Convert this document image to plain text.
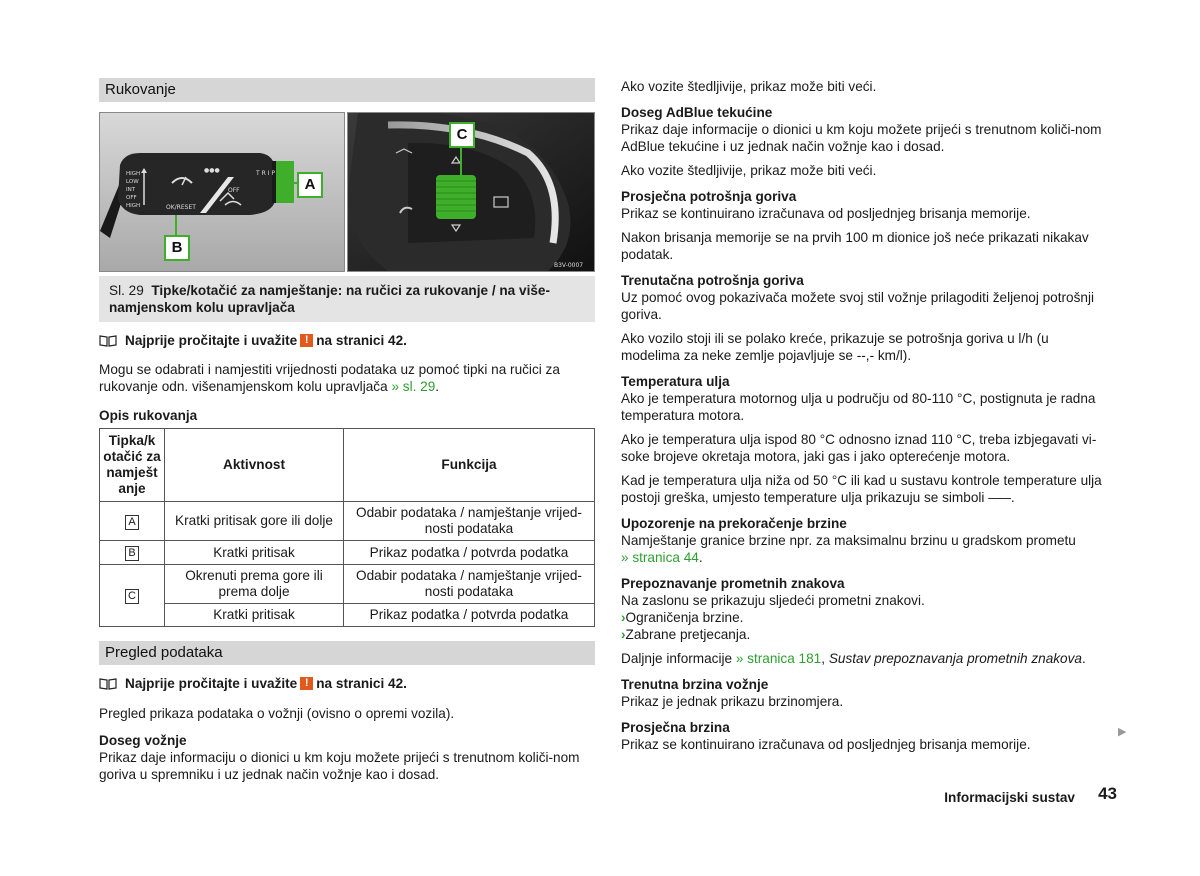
Rukovanje
HIGH
LOW
INT
OFF
HIGH
●●●
OFF
T R I P
OK/RESET
A
B
B3V-0007
C
Sl. 29 Tipke/kotačić za namještanje: na ručici za rukovanje / na više-namjenskom kolu upravljača
Najprije pročitajte i uvažite ! na stranici 42.

Mogu se odabrati i namjestiti vrijednosti podataka uz pomoć tipki na ručici za rukovanje odn. višenamjenskom kolu upravljača » sl. 29.

Opis rukovanja

Tipka/k otačić za namješt anje	Aktivnost	Funkcija
A	Kratki pritisak gore ili dolje	Odabir podataka / namještanje vrijed-nosti podataka
B	Kratki pritisak	Prikaz podatka / potvrda podatka
C	Okrenuti prema gore ili prema dolje	Odabir podataka / namještanje vrijed-nosti podataka
	Kratki pritisak	Prikaz podatka / potvrda podatka
Pregled podataka
Najprije pročitajte i uvažite ! na stranici 42.

Pregled prikaza podataka o vožnji (ovisno o opremi vozila).

Doseg vožnje

Prikaz daje informaciju o dionici u km koju možete prijeći s trenutnom količi-nom goriva u spremniku i uz jednak način vožnje kao i dosad.

Ako vozite štedljivije, prikaz može biti veći.

Doseg AdBlue tekućine

Prikaz daje informacije o dionici u km koju možete prijeći s trenutnom količi-nom AdBlue tekućine i uz jednak način vožnje kao i dosad.

Ako vozite štedljivije, prikaz može biti veći.

Prosječna potrošnja goriva

Prikaz se kontinuirano izračunava od posljednjeg brisanja memorije.

Nakon brisanja memorije se na prvih 100 m dionice još neće prikazati nikakav podatak.

Trenutačna potrošnja goriva

Uz pomoć ovog pokazivača možete svoj stil vožnje prilagoditi željenoj potrošnji goriva.

Ako vozilo stoji ili se polako kreće, prikazuje se potrošnja goriva u l/h (u modelima za neke zemlje pojavljuje se --,- km/l).

Temperatura ulja

Ako je temperatura motornog ulja u području od 80-110 °C, postignuta je radna temperatura motora.

Ako je temperatura ulja ispod 80 °C odnosno iznad 110 °C, treba izbjegavati vi-soke brojeve okretaja motora, jaki gas i jako opterećenje motora.

Kad je temperatura ulja niža od 50 °C ili kad u sustavu kontrole temperature ulja postoji greška, umjesto temperature ulja prikazuju se simboli –––.

Upozorenje na prekoračenje brzine

Namještanje granice brzine npr. za maksimalnu brzinu u gradskom prometu

» stranica 44.

Prepoznavanje prometnih znakova

Na zaslonu se prikazuju sljedeći prometni znakovi.

›Ograničenja brzine.

›Zabrane pretjecanja.

Daljnje informacije » stranica 181, Sustav prepoznavanja prometnih znakova.

Trenutna brzina vožnje

Prikaz je jednak prikazu brzinomjera.

Prosječna brzina

Prikaz se kontinuirano izračunava od posljednjeg brisanja memorije.

▶
Informacijski sustav 43
